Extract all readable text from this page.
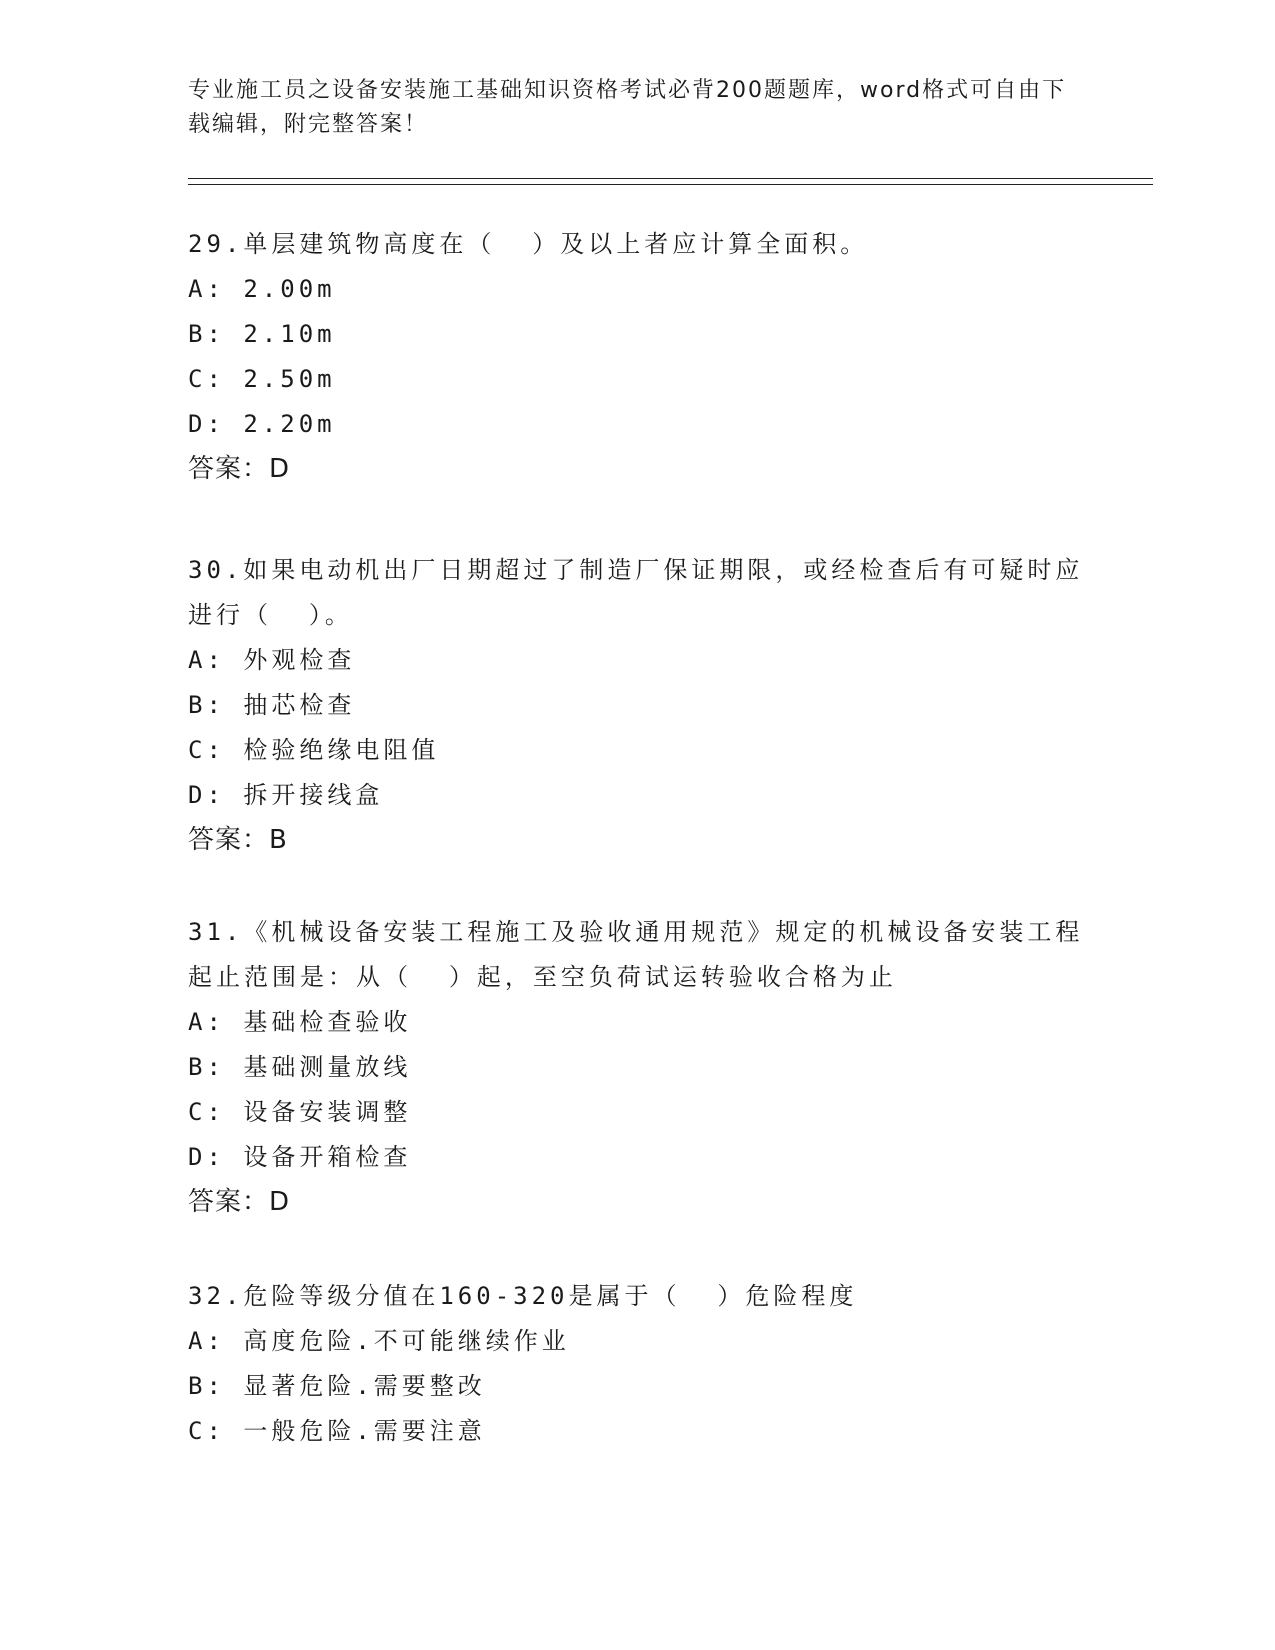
专业施工员之设备安装施工基础知识资格考试必背200题题库，word格式可自由下载编辑，附完整答案！
29.单层建筑物高度在（  ）及以上者应计算全面积。
A: 2.00m
B: 2.10m
C: 2.50m
D: 2.20m
答案：D
30.如果电动机出厂日期超过了制造厂保证期限，或经检查后有可疑时应进行（  ）。
A: 外观检查
B: 抽芯检查
C: 检验绝缘电阻值
D: 拆开接线盒
答案：B
31.《机械设备安装工程施工及验收通用规范》规定的机械设备安装工程起止范围是：从（  ）起，至空负荷试运转验收合格为止
A: 基础检查验收
B: 基础测量放线
C: 设备安装调整
D: 设备开箱检查
答案：D
32.危险等级分值在160-320是属于（  ）危险程度
A: 高度危险.不可能继续作业
B: 显著危险.需要整改
C: 一般危险.需要注意
